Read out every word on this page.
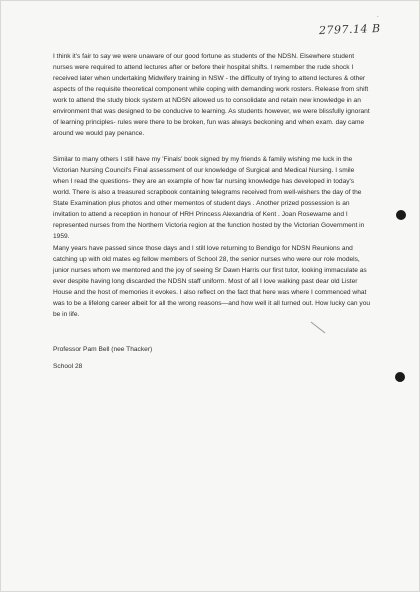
.
2797.14 B

I think it's fair to say we were unaware of our good fortune as students of the NDSN. Elsewhere student nurses were required to attend lectures after or before their hospital shifts. I remember the rude shock I received later when undertaking Midwifery training in NSW - the difficulty of trying to attend lectures & other aspects of the requisite theoretical component while coping with demanding work rosters. Release from shift work to attend the study block system at NDSN allowed us to consolidate and retain new knowledge in an environment that was designed to be conducive to learning. As students however, we were blissfully ignorant of learning principles- rules were there to be broken, fun was always beckoning and when exam. day came around we would pay penance.

Similar to many others I still have my 'Finals' book signed by my friends & family wishing me luck in the Victorian Nursing Council's Final assessment of our knowledge of Surgical and Medical Nursing. I smile when I read the questions- they are an example of how far nursing knowledge has developed in today's world. There is also a treasured scrapbook containing telegrams received from well-wishers the day of the State Examination plus photos and other mementos of student days . Another prized possession is an invitation to attend a reception in honour of HRH Princess Alexandria of Kent . Joan Rosewarne and I represented nurses from the Northern Victoria region at the function hosted by the Victorian Government in 1959.

Many years have passed since those days and I still love returning to Bendigo for NDSN Reunions and catching up with old mates eg fellow members of School 28, the senior nurses who were our role models, junior nurses whom we mentored and the joy of seeing Sr Dawn Harris our first tutor, looking immaculate as ever despite having long discarded the NDSN staff uniform. Most of all I love walking past dear old Lister House and the host of memories it evokes. I also reflect on the fact that here was where I commenced what was to be a lifelong career albeit for all the wrong reasons—and how well it all turned out. How lucky can you be in life.

Professor Pam Bell (nee Thacker)
School 28
